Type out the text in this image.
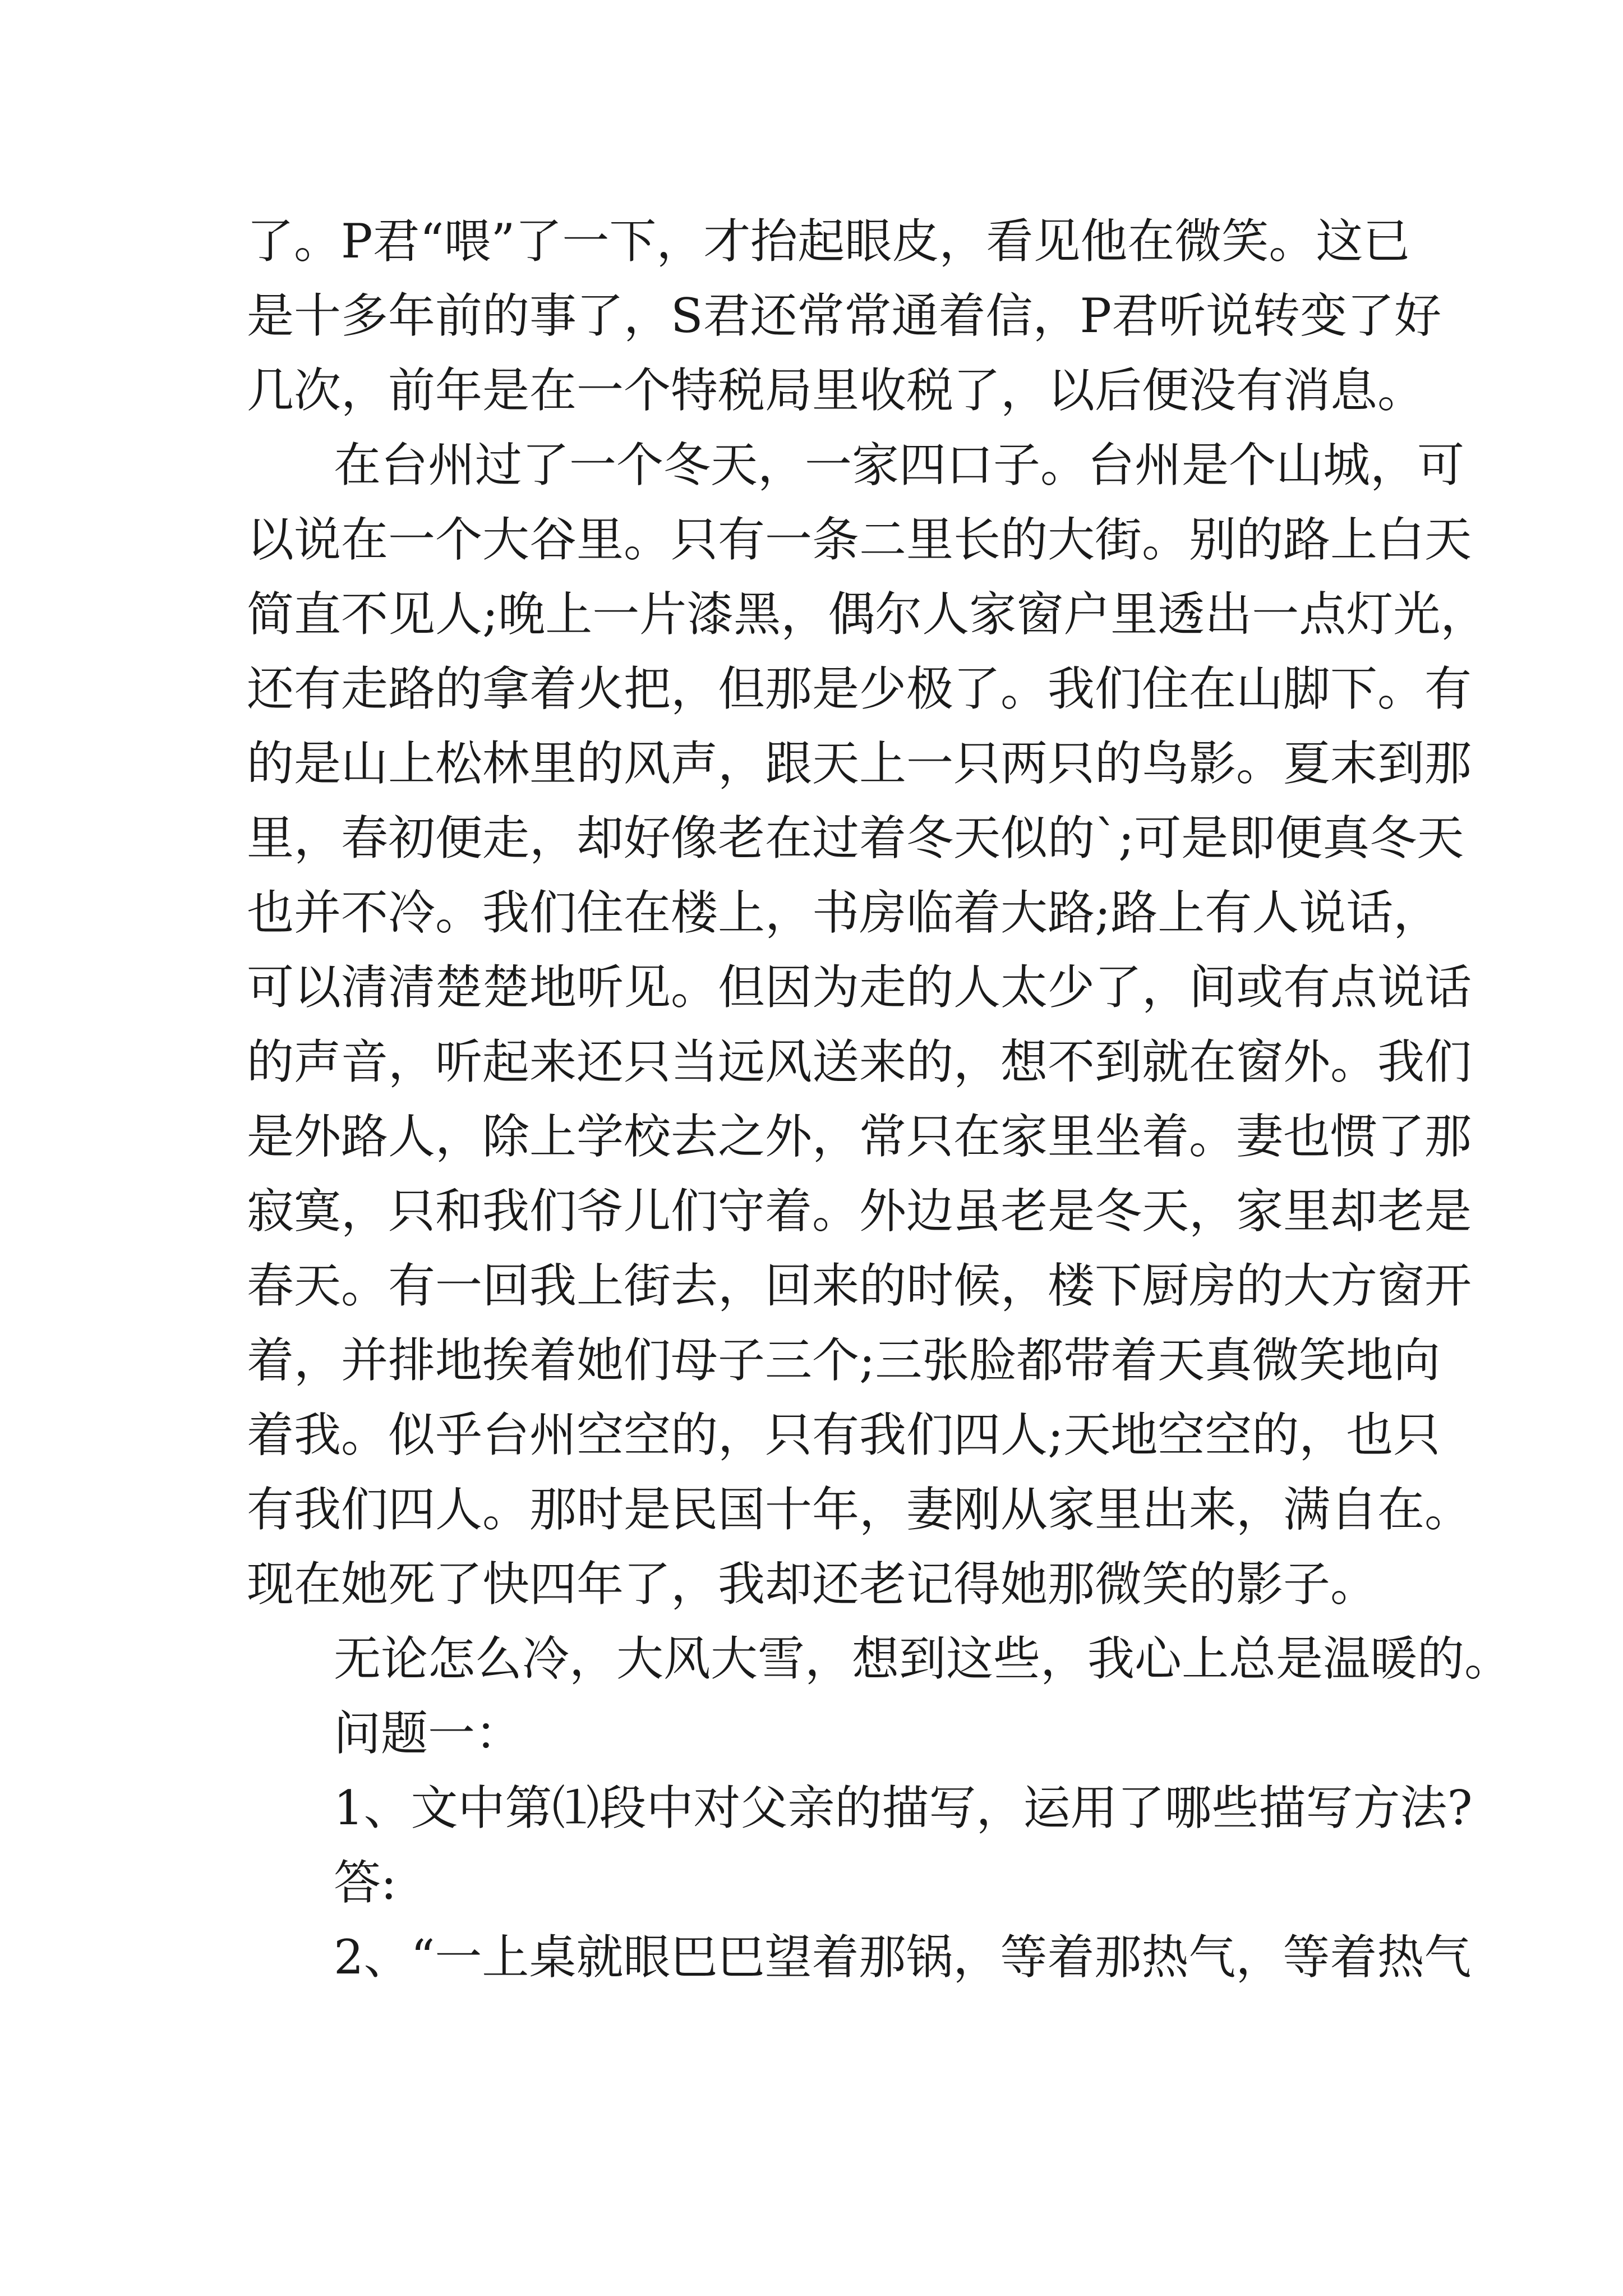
了。P君“喂”了一下，才抬起眼皮，看见他在微笑。这已
是十多年前的事了，S君还常常通着信，P君听说转变了好
几次，前年是在一个特税局里收税了，以后便没有消息。
在台州过了一个冬天，一家四口子。台州是个山城，可
以说在一个大谷里。只有一条二里长的大街。别的路上白天
简直不见人;晚上一片漆黑，偶尔人家窗户里透出一点灯光，
还有走路的拿着火把，但那是少极了。我们住在山脚下。有
的是山上松林里的风声，跟天上一只两只的鸟影。夏末到那
里，春初便走，却好像老在过着冬天似的`;可是即便真冬天
也并不冷。我们住在楼上，书房临着大路;路上有人说话，
可以清清楚楚地听见。但因为走的人太少了，间或有点说话
的声音，听起来还只当远风送来的，想不到就在窗外。我们
是外路人，除上学校去之外，常只在家里坐着。妻也惯了那
寂寞，只和我们爷儿们守着。外边虽老是冬天，家里却老是
春天。有一回我上街去，回来的时候，楼下厨房的大方窗开
着，并排地挨着她们母子三个;三张脸都带着天真微笑地向
着我。似乎台州空空的，只有我们四人;天地空空的，也只
有我们四人。那时是民国十年，妻刚从家里出来，满自在。
现在她死了快四年了，我却还老记得她那微笑的影子。
无论怎么冷，大风大雪，想到这些，我心上总是温暖的。
问题一：
1、文中第⑴段中对父亲的描写，运用了哪些描写方法?
答:
2、“一上桌就眼巴巴望着那锅，等着那热气，等着热气
